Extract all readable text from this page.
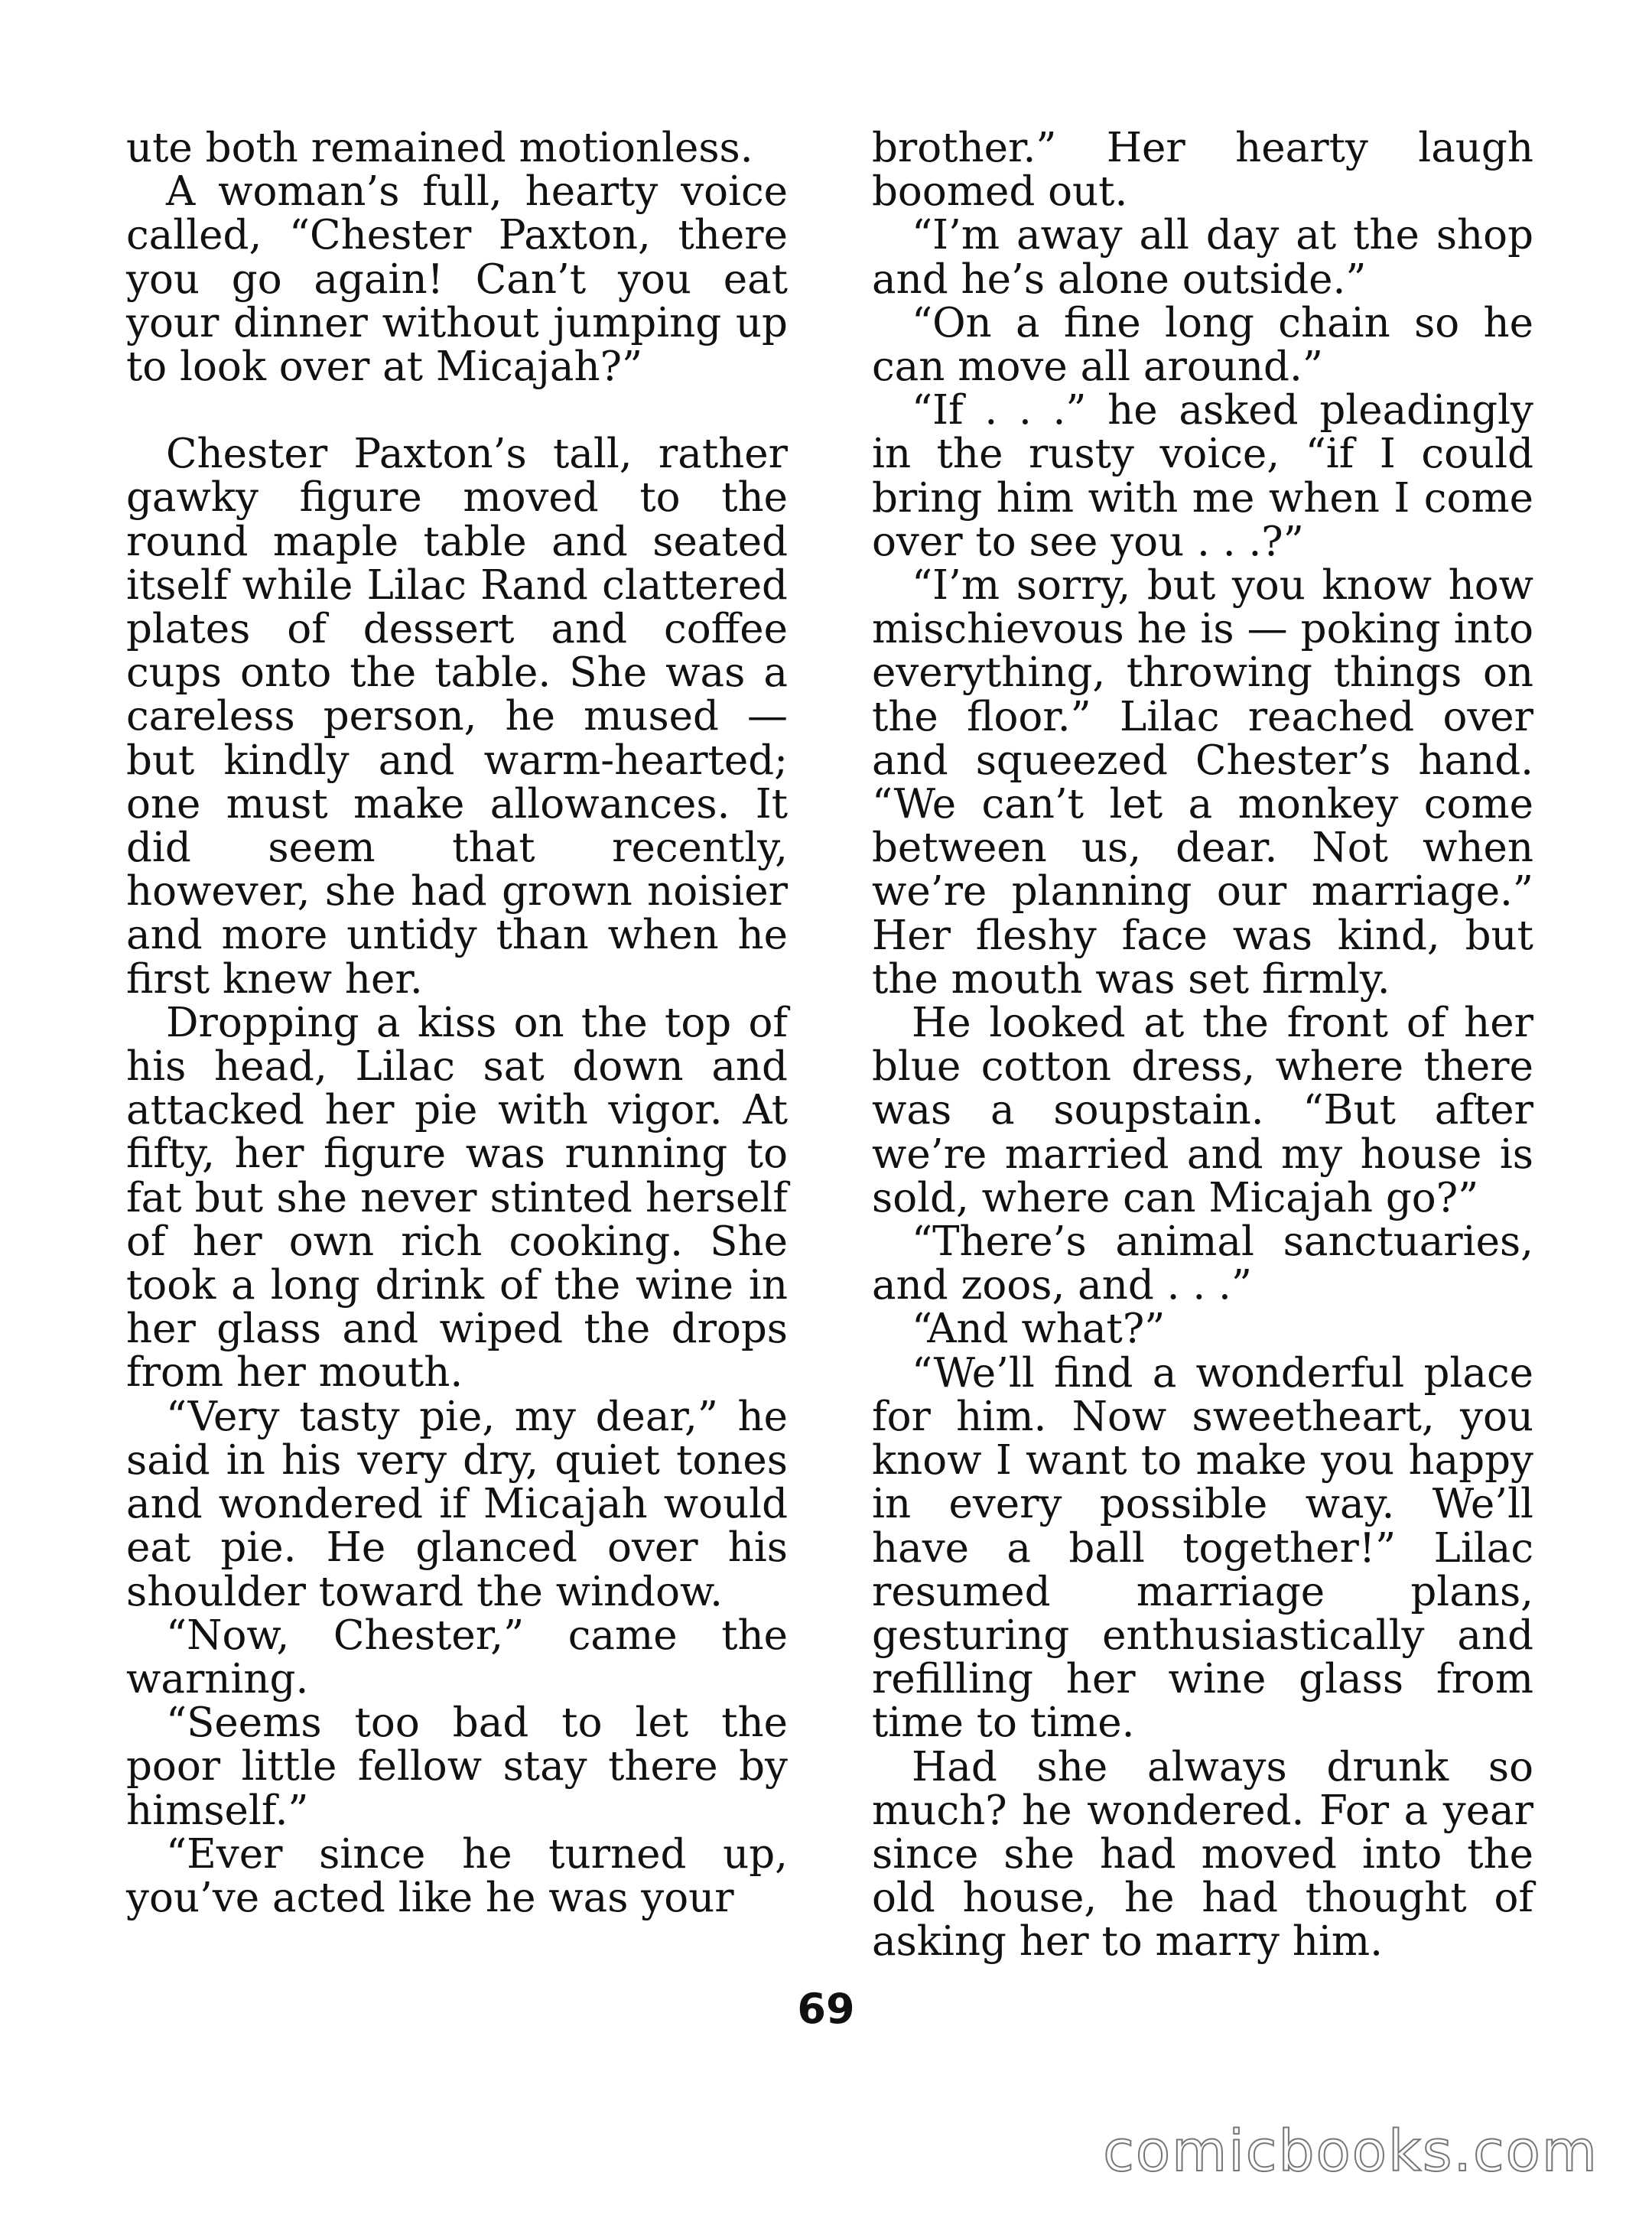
ute both remained motionless.

A woman’s full, hearty voice called, “Chester Paxton, there you go again! Can’t you eat your dinner without jumping up to look over at Micajah?”

Chester Paxton’s tall, rather gawky figure moved to the round maple table and seated itself while Lilac Rand clattered plates of dessert and coffee cups onto the table. She was a careless person, he mused — but kindly and warm-hearted; one must make allowances. It did seem that recently, however, she had grown noisier and more untidy than when he first knew her.

Dropping a kiss on the top of his head, Lilac sat down and attacked her pie with vigor. At fifty, her figure was running to fat but she never stinted herself of her own rich cooking. She took a long drink of the wine in her glass and wiped the drops from her mouth.

“Very tasty pie, my dear,” he said in his very dry, quiet tones and wondered if Micajah would eat pie. He glanced over his shoulder toward the window.

“Now, Chester,” came the warning.

“Seems too bad to let the poor little fellow stay there by himself.”

“Ever since he turned up, you’ve acted like he was your

brother.” Her hearty laugh boomed out.

“I’m away all day at the shop and he’s alone outside.”

“On a fine long chain so he can move all around.”

“If . . .” he asked pleadingly in the rusty voice, “if I could bring him with me when I come over to see you . . .?”

“I’m sorry, but you know how mischievous he is — poking into everything, throwing things on the floor.” Lilac reached over and squeezed Chester’s hand. “We can’t let a monkey come between us, dear. Not when we’re planning our marriage.” Her fleshy face was kind, but the mouth was set firmly.

He looked at the front of her blue cotton dress, where there was a soupstain. “But after we’re married and my house is sold, where can Micajah go?”

“There’s animal sanctuaries, and zoos, and . . .”

“And what?”

“We’ll find a wonderful place for him. Now sweetheart, you know I want to make you happy in every possible way. We’ll have a ball together!” Lilac resumed marriage plans, gesturing enthusiastically and refilling her wine glass from time to time.

Had she always drunk so much? he wondered. For a year since she had moved into the old house, he had thought of asking her to marry him.

69
comicbooks.com
